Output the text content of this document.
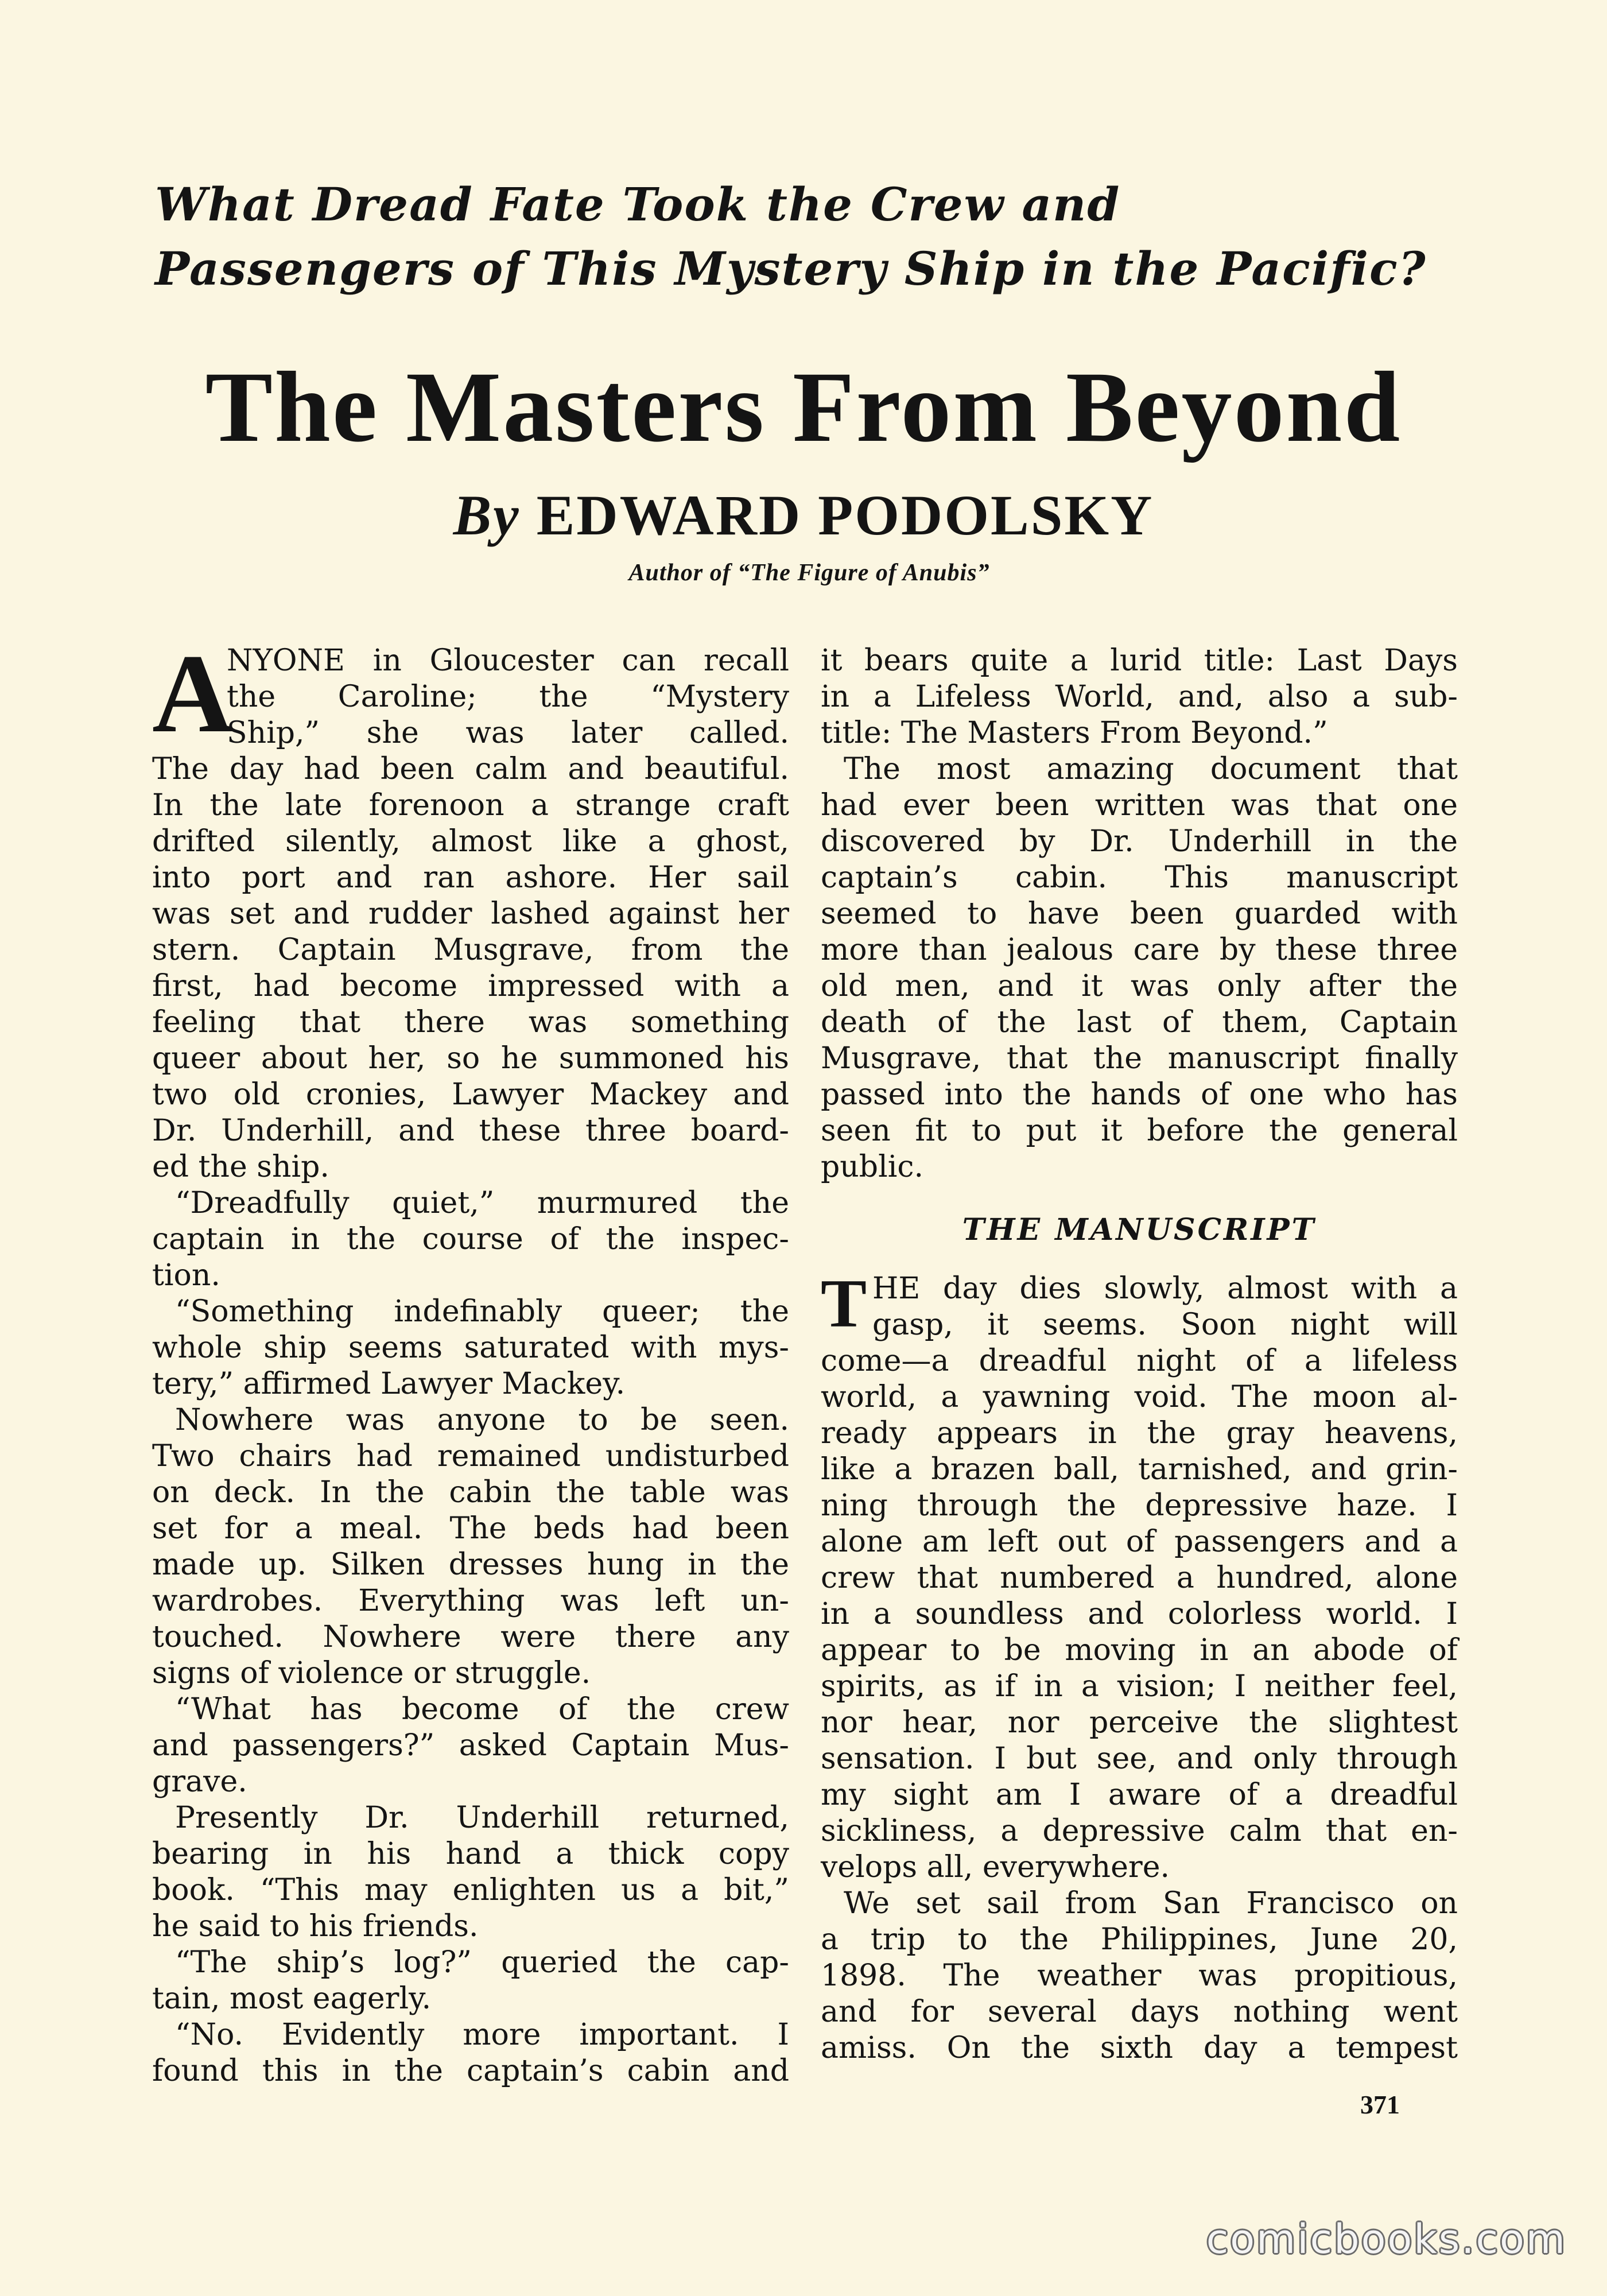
What Dread Fate Took the Crew and
Passengers of This Mystery Ship in the Pacific?
The Masters From Beyond
By EDWARD PODOLSKY
Author of “The Figure of Anubis”
A
NYONE in Gloucester can recall
the Caroline; the “Mystery
Ship,” she was later called.
The day had been calm and beautiful.
In the late forenoon a strange craft
drifted silently, almost like a ghost,
into port and ran ashore. Her sail
was set and rudder lashed against her
stern. Captain Musgrave, from the
first, had become impressed with a
feeling that there was something
queer about her, so he summoned his
two old cronies, Lawyer Mackey and
Dr. Underhill, and these three board-
ed the ship.
“Dreadfully quiet,” murmured the
captain in the course of the inspec-
tion.
“Something indefinably queer; the
whole ship seems saturated with mys-
tery,” affirmed Lawyer Mackey.
Nowhere was anyone to be seen.
Two chairs had remained undisturbed
on deck. In the cabin the table was
set for a meal. The beds had been
made up. Silken dresses hung in the
wardrobes. Everything was left un-
touched. Nowhere were there any
signs of violence or struggle.
“What has become of the crew
and passengers?” asked Captain Mus-
grave.
Presently Dr. Underhill returned,
bearing in his hand a thick copy
book. “This may enlighten us a bit,”
he said to his friends.
“The ship’s log?” queried the cap-
tain, most eagerly.
“No. Evidently more important. I
found this in the captain’s cabin and
it bears quite a lurid title: Last Days
in a Lifeless World, and, also a sub-
title: The Masters From Beyond.”
The most amazing document that
had ever been written was that one
discovered by Dr. Underhill in the
captain’s cabin. This manuscript
seemed to have been guarded with
more than jealous care by these three
old men, and it was only after the
death of the last of them, Captain
Musgrave, that the manuscript finally
passed into the hands of one who has
seen fit to put it before the general
public.
THE MANUSCRIPT
T HE day dies slowly, almost with a
gasp, it seems. Soon night will
come—a dreadful night of a lifeless
world, a yawning void. The moon al-
ready appears in the gray heavens,
like a brazen ball, tarnished, and grin-
ning through the depressive haze. I
alone am left out of passengers and a
crew that numbered a hundred, alone
in a soundless and colorless world. I
appear to be moving in an abode of
spirits, as if in a vision; I neither feel,
nor hear, nor perceive the slightest
sensation. I but see, and only through
my sight am I aware of a dreadful
sickliness, a depressive calm that en-
velops all, everywhere.
We set sail from San Francisco on
a trip to the Philippines, June 20,
1898. The weather was propitious,
and for several days nothing went
amiss. On the sixth day a tempest
371
comicbooks.com
